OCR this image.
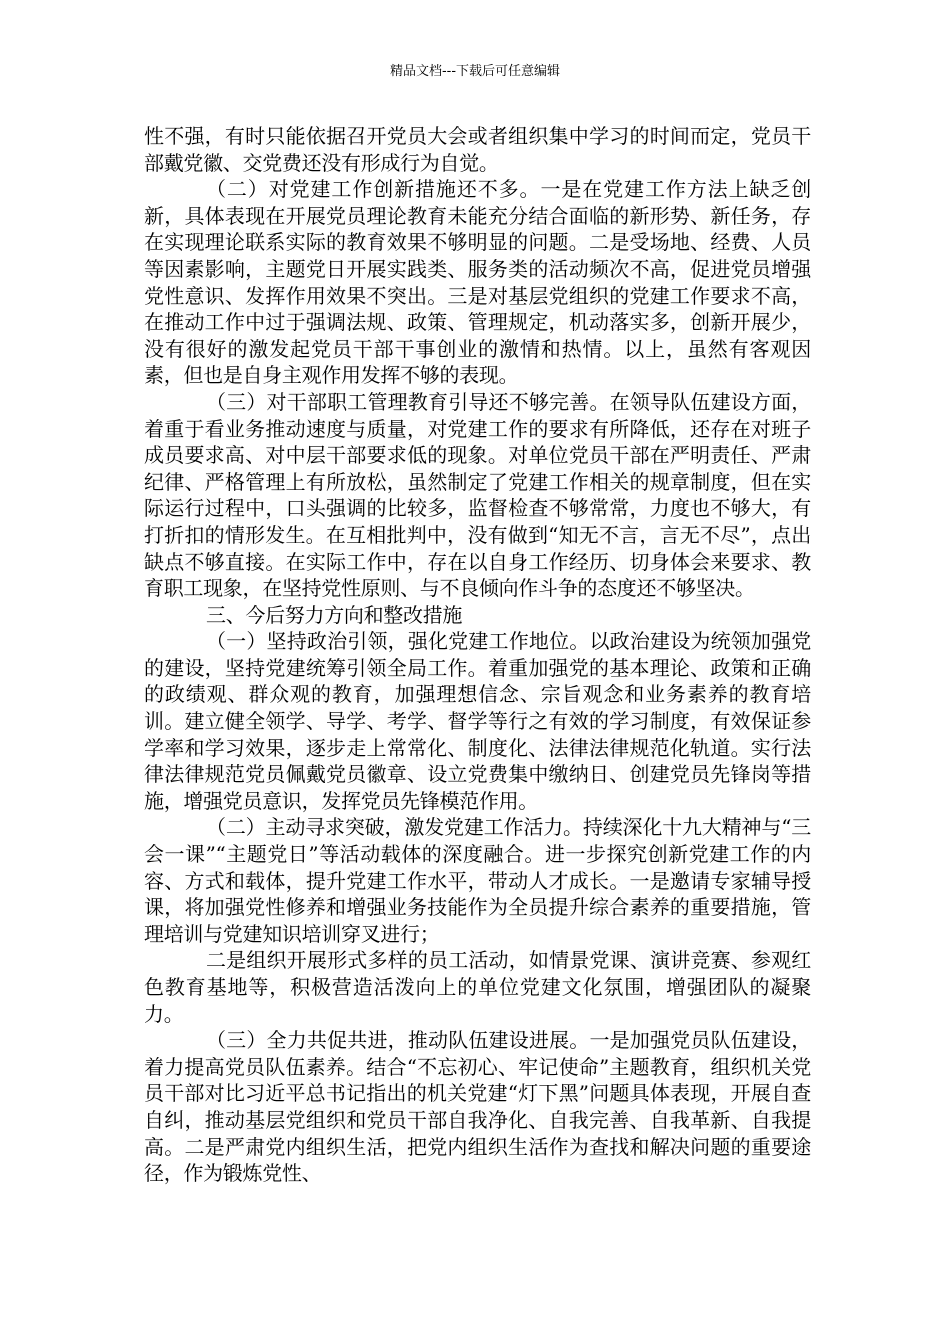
精品文档---下载后可任意编辑

性不强，有时只能依据召开党员大会或者组织集中学习的时间而定，党员干部戴党徽、交党费还没有形成行为自觉。

（二）对党建工作创新措施还不多。一是在党建工作方法上缺乏创新，具体表现在开展党员理论教育未能充分结合面临的新形势、新任务，存在实现理论联系实际的教育效果不够明显的问题。二是受场地、经费、人员等因素影响，主题党日开展实践类、服务类的活动频次不高，促进党员增强党性意识、发挥作用效果不突出。三是对基层党组织的党建工作要求不高，在推动工作中过于强调法规、政策、管理规定，机动落实多，创新开展少，没有很好的激发起党员干部干事创业的激情和热情。以上，虽然有客观因素，但也是自身主观作用发挥不够的表现。

（三）对干部职工管理教育引导还不够完善。在领导队伍建设方面，着重于看业务推动速度与质量，对党建工作的要求有所降低，还存在对班子成员要求高、对中层干部要求低的现象。对单位党员干部在严明责任、严肃纪律、严格管理上有所放松，虽然制定了党建工作相关的规章制度，但在实际运行过程中，口头强调的比较多，监督检查不够常常，力度也不够大，有打折扣的情形发生。在互相批判中，没有做到“知无不言，言无不尽”，点出缺点不够直接。在实际工作中，存在以自身工作经历、切身体会来要求、教育职工现象，在坚持党性原则、与不良倾向作斗争的态度还不够坚决。

三、今后努力方向和整改措施

（一）坚持政治引领，强化党建工作地位。以政治建设为统领加强党的建设，坚持党建统筹引领全局工作。着重加强党的基本理论、政策和正确的政绩观、群众观的教育，加强理想信念、宗旨观念和业务素养的教育培训。建立健全领学、导学、考学、督学等行之有效的学习制度，有效保证参学率和学习效果，逐步走上常常化、制度化、法律法律规范化轨道。实行法律法律规范党员佩戴党员徽章、设立党费集中缴纳日、创建党员先锋岗等措施，增强党员意识，发挥党员先锋模范作用。

（二）主动寻求突破，激发党建工作活力。持续深化十九大精神与“三会一课”“主题党日”等活动载体的深度融合。进一步探究创新党建工作的内容、方式和载体，提升党建工作水平，带动人才成长。一是邀请专家辅导授课，将加强党性修养和增强业务技能作为全员提升综合素养的重要措施，管理培训与党建知识培训穿叉进行；

二是组织开展形式多样的员工活动，如情景党课、演讲竞赛、参观红色教育基地等，积极营造活泼向上的单位党建文化氛围，增强团队的凝聚力。

（三）全力共促共进，推动队伍建设进展。一是加强党员队伍建设，着力提高党员队伍素养。结合“不忘初心、牢记使命”主题教育，组织机关党员干部对比习近平总书记指出的机关党建“灯下黑”问题具体表现，开展自查自纠，推动基层党组织和党员干部自我净化、自我完善、自我革新、自我提高。二是严肃党内组织生活，把党内组织生活作为查找和解决问题的重要途径，作为锻炼党性、
